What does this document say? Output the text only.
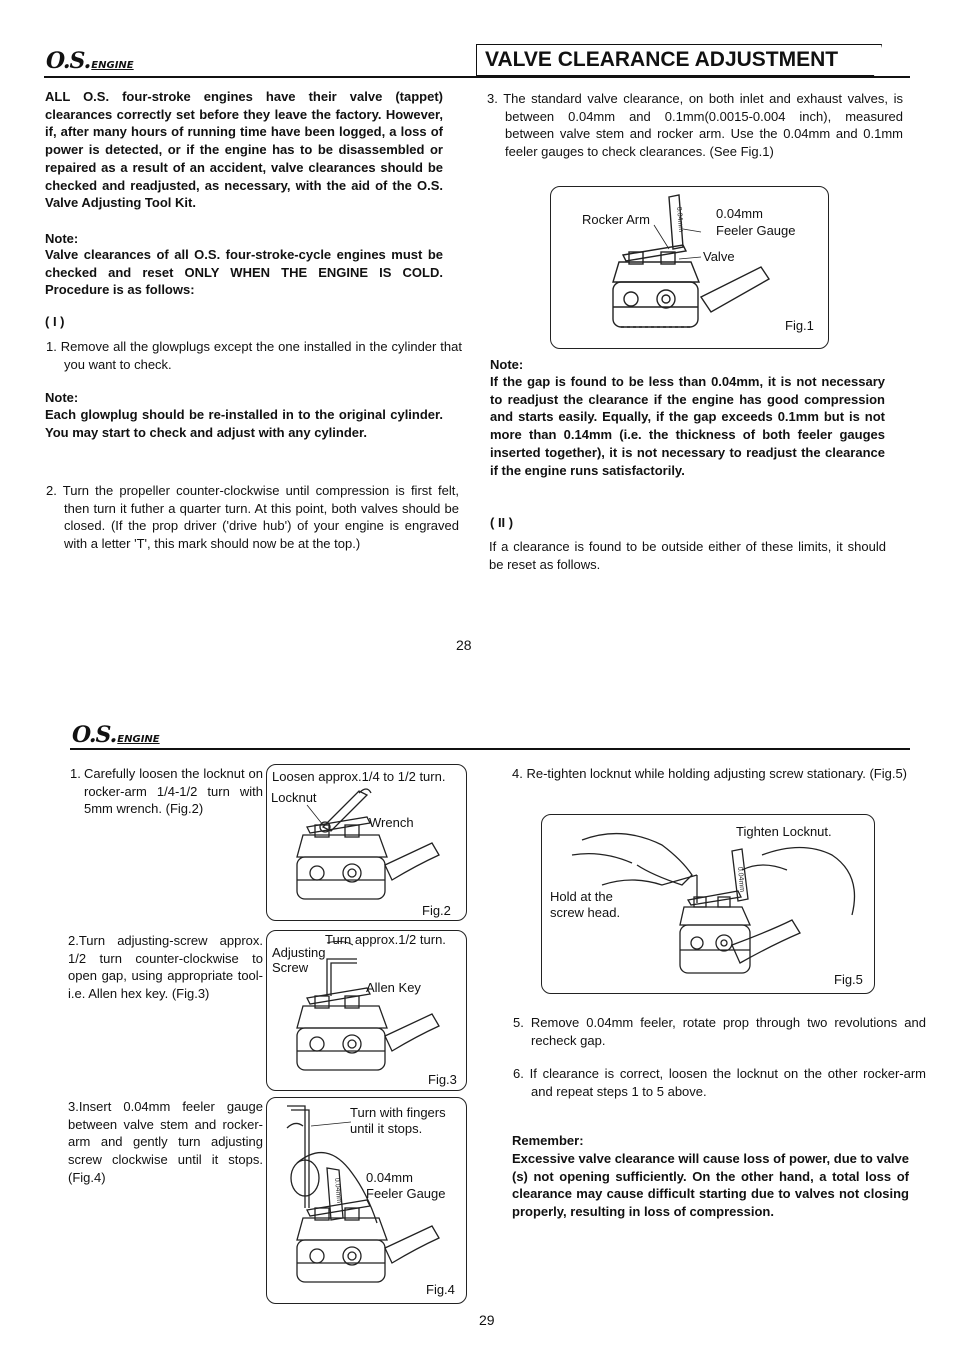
O.S.ENGINE	VALVE CLEARANCE ADJUSTMENT

ALL O.S. four-stroke engines have their valve (tappet) clearances correctly set before they leave the factory. However, if, after many hours of running time have been logged, a loss of power is detected, or if the engine has to be disassembled or repaired as a result of an accident, valve clearances should be checked and readjusted, as necessary, with the aid of the O.S. Valve Adjusting Tool Kit.

Note:

Valve clearances of all O.S. four-stroke-cycle engines must be checked and reset ONLY WHEN THE ENGINE IS COLD. Procedure is as follows:

( I )

1. Remove all the glowplugs except the one installed in the cylinder that you want to check.

Note:

Each glowplug should be re-installed in to the original cylinder. You may start to check and adjust with any cylinder.

2. Turn the propeller counter-clockwise until compression is first felt, then turn it futher a quarter turn. At this point, both valves should be closed. (If the prop driver ('drive hub') of your engine is engraved with a letter 'T', this mark should now be at the top.)

3. The standard valve clearance, on both inlet and exhaust valves, is between 0.04mm and 0.1mm(0.0015-0.004 inch), measured between valve stem and rocker arm. Use the 0.04mm and 0.1mm feeler gauges to check clearances. (See Fig.1)

0.04mm
Rocker Arm	0.04mm
Feeler Gauge
Valve
Fig.1

Note:

If the gap is found to be less than 0.04mm, it is not necessary to readjust the clearance if the engine has good compression and starts easily. Equally, if the gap exceeds 0.1mm but is not more than 0.14mm (i.e. the thickness of both feeler gauges inserted together), it is not necessary to readjust the clearance if the engine runs satisfactorily.

( II )

If a clearance is found to be outside either of these limits, it should be reset as follows.

28
O.S.ENGINE
1. Carefully loosen the locknut on rocker-arm 1/4-1/2 turn with 5mm wrench. (Fig.2)

Loosen approx.1/4 to 1/2 turn.
Locknut
Wrench
Fig.2

2.Turn adjusting-screw approx. 1/2 turn counter-clockwise to open gap, using appropriate tool-i.e. Allen hex key. (Fig.3)

Turn approx.1/2 turn.
Adjusting
Screw
Allen Key
Fig.3

3.Insert 0.04mm feeler gauge between valve stem and rocker-arm and gently turn adjusting screw clockwise until it stops. (Fig.4)

0.04mm
Turn with fingers
until it stops.
0.04mm
Feeler Gauge
Fig.4

4. Re-tighten locknut while holding adjusting screw stationary. (Fig.5)

0.04mm
Tighten Locknut.
Hold at the
screw head.
Fig.5

5. Remove 0.04mm feeler, rotate prop through two revolutions and recheck gap.

6. If clearance is correct, loosen the locknut on the other rocker-arm and repeat steps 1 to 5 above.

Remember:

Excessive valve clearance will cause loss of power, due to valve (s) not opening sufficiently. On the other hand, a total loss of clearance may cause difficult starting due to valves not closing properly, resulting in loss of compression.

29
